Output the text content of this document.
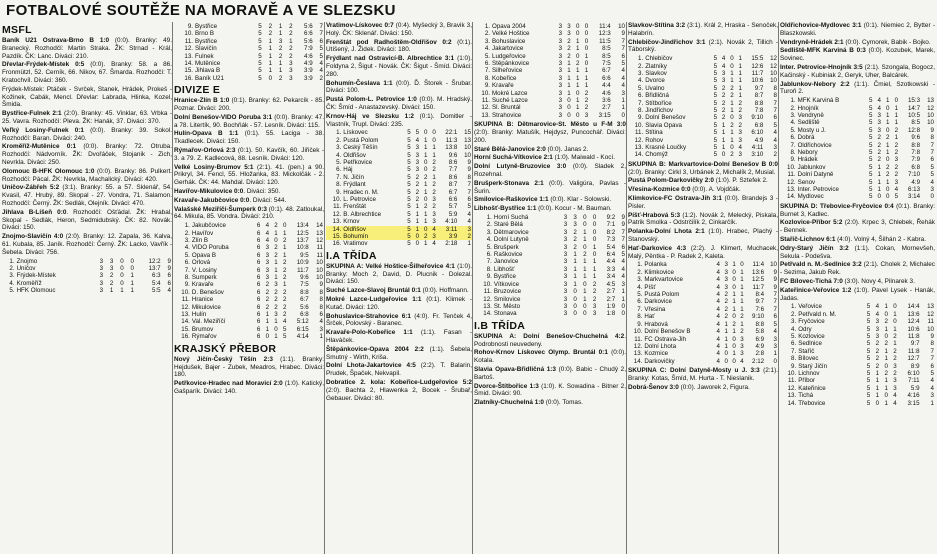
FOTBALOVÉ SOUTĚŽE NA MORAVĚ A VE SLEZSKU
MSFL
Baník U21 Ostrava-Brno B 1:0 (0:0). Branky: 49. Branecký. Rozhodčí: Martin Straka. ŽK: Strnad - Král, Pazdík. ČK: Lanc. Diváci: 210.
Dřevlar-Frýdek-Místek 0:5 (0:0). Branky: 58. a 86. Fronmützl, 52. Cerník, 66. Nikov, 67. Šmarda. Rozhodčí: T. Kratochvíl. Diváci: 360.
Frýdek-Místek: Ptáček - Svrček, Stanek, Hrádek, Prokeš - Kožinek, Cabák, Mencl. Dřevlar: Labrada, Hlinka, Kozel, Šmida.
Bystřice-Fulnek 2:1 (2:0). Branky: 45. Vinklar, 63. Vrbka - 25. Vavra. Rozhodčí: Pleva. ŽK: Hanák, 37. Diváci: 370.
Veľký Losiny-Fulnek 0:1 (0:0). Branky: 39. Sokol. Rozhodčí: Baran. Diváci: 240.
Kroměříž-Mutěnice 0:1 (0:0). Branky: 72. Otruba. Rozhodčí: Nádvorník. ŽK: Dvořáček, Stojanik - Zich, Nevrkla. Diváci: 250.
Olomouc B-HFK Olomouc 1:0 (0:0). Branky: 86. Pulkert. Rozhodčí: Pácal. ŽK: Nevrkla, Machalický. Diváci: 420.
Uničov-Zábřeh 5:2 (3:1). Branky: 55. a 57. Sklenář, 54. Kvasil, 47. Hrubý, 89. Skopal - 27. Vondra, 71. Salamon. Rozhodčí: Černý. ŽK: Sedlák, Olejník. Diváci: 470.
Jihlava B-Líšeň 0:0. Rozhodčí: Ošťádal. ŽK: Hrabal, Skopal - Sedlák, Heron, Sedmidubský. ČK: 82. Novák. Diváci: 150.
Znojmo-Slavičín 4:0 (2:0). Branky: 12. Zapala, 36. Kalva, 61. Kubala, 85. Janík. Rozhodčí: Černý. ŽK: Lacko, Vavřík - Šebela. Diváci: 756.
1.	Znojmo	3	3	0	0	12:2	9
2.	Uničov	3	3	0	0	13:7	9
3.	Frýdek-Místek	3	2	0	1	6:3	6
4.	Kroměříž	3	2	0	1	5:4	6
5.	HFK Olomouc	3	1	1	1	5:5	4
9.	Bystřice	5	2	1	2	5:6	7
10.	Brno B	5	2	1	2	6:6	7
11.	Bystřice	5	1	3	1	5:6	6
12.	Slavičín	5	1	2	2	7:9	5
13.	Fulnek	5	1	2	2	4:6	5
14.	Mutěnice	5	1	1	3	4:9	4
15.	Jihlava B	5	1	1	3	3:9	4
16.	Baník U21	5	0	2	3	3:9	2
DIVIZE E
Hranice-Zlín B 1:0 (0:1). Branky: 62. Pekarcík - 85. Poznar. Diváci: 200.
Dolní Benešov-VIDO Poruba 3:1 (0:0). Branky: 47. a 78. Litertík, 90. Bochňák - 57. Lesník. Diváci: 115.
Hulín-Opava B 1:1 (0:1). 55. Laciga - 38. Tkadlecek. Diváci: 150.
Rýmařov-Orlová 2:3 (0:1). 50. Kavčík, 60. Jiřiček - 3. a 79. Z. Kadlecová, 88. Lesník. Diváci: 120.
Velké Losiny-Brumov 5:1 (2:1). 41. (pen.) a 90. Prikryl, 34. Fencl, 55. Hložanka, 83. Mickolčák - 2. Gerhák. ČK: 44. Mahdal. Diváci: 120.
Havířov-Mikulovice 0:0. Diváci: 350.
Kravaře-Jakubčovice 0:0. Diváci: 544.
Valašské Meziříčí-Šumperk 0:3 (0:1). 48. Zatloukal, 64. Mikula, 85. Vondra. Diváci: 210.
1.	Jakubčovice	6	4	2	0	13:4	14
2.	Havířov	6	4	1	1	12:5	13
3.	Zlín B	6	4	0	2	13:7	12
4.	VIDO Poruba	6	3	2	1	10:8	11
5.	Opava B	6	3	2	1	9:5	11
6.	Orlová	6	3	1	2	10:9	10
7.	V. Losiny	6	3	1	2	11:7	10
8.	Šumperk	6	3	1	2	9:6	10
9.	Kravaře	6	2	3	1	7:5	9
10.	D. Benešov	6	2	2	2	8:8	8
11.	Hranice	6	2	2	2	6:7	8
12.	Mikulovice	6	2	2	2	5:6	8
13.	Hulín	6	1	3	2	6:8	6
14.	Val. Meziříčí	6	1	1	4	5:12	4
15.	Brumov	6	1	0	5	6:15	3
16.	Rýmařov	6	0	1	5	4:14	1
KRAJSKÝ PŘEBOR
Nový Jičín-Český Těšín 2:3 (1:1). Branky: Hejdušek, Bajer - Zubek, Meadros, Hrabec. Diváci: 180.
Petřkovice-Hradec nad Moravicí 2:0 (1:0). Katický, Gašparík. Diváci: 140.
Vratimov-Lískovec 0:7 (0:4). Myšecký 3, Bravik 3, Holý. ČK: Sklenář. Diváci: 150.
Frenštát pod Radhoštěm-Oldřišov 0:2 (0:1). Utíšený, J. Židek. Diváci: 180.
Frýdlant nad Ostravicí-B. Albrechtice 3:1 (1:0). Foldyna 2, Šigut - Novák. ČK: Šigut - Šmíd. Diváci: 280.
Bohumín-Česlava 1:1 (0:0). Ď. Štorek - Šrubar. Diváci: 100.
Pustá Polom-L. Petrovice 1:0 (0:0). M. Hradský. ČK: Šmíd - Anastazevský. Diváci: 150.
Krnov-Háj ve Slezsku 1:2 (0:1). Domitler - Vlastník, Trupl. Diváci: 235.
1.	Lískovec	5	5	0	0	22:1	15
2.	Pustá Polom	5	4	1	0	11:3	13
3.	Český Těšín	5	3	1	1	13:8	10
4.	Oldřišov	5	3	1	1	9:6	10
5.	Petřkovice	5	3	0	2	8:6	9
6.	Háj	5	3	0	2	7:7	9
7.	N. Jičín	5	2	2	1	8:6	8
8.	Frýdlant	5	2	1	2	8:7	7
9.	Hradec n. M.	5	2	1	2	6:7	7
10.	L. Petrovice	5	2	0	3	6:6	6
11.	Frenštát	5	1	2	2	5:7	5
12.	B. Albrechtice	5	1	1	3	5:9	4
13.	Krnov	5	1	1	3	4:10	4
14.	Oldřišov	5	1	0	4	3:11	3
15.	Bohumín	5	0	2	3	3:9	2
16.	Vratimov	5	0	1	4	2:18	1
I.A TŘÍDA
SKUPINA A: Velké Hoštice-Šilheřovice 4:1 (1:0). Branky: Moch 2, David, D. Plucnik - Dolezal. Diváci: 150.
Suché Lazce-Slavoj Bruntál 0:1 (0:0). Hoffmann.
Mokré Lazce-Ludgeřovice 1:1 (0:1). Klimek - Kutač. Diváci: 120.
Bohuslavice-Strahovice 6:1 (4:0). Fr. Tenček 4, Šrček, Polovský - Baranec.
Kravaře-Polo-Kobeřice 1:1 (1:1). Fasan - Hlaváček.
Štěpánkovice-Opava 2004 2:2 (1:1). Šebela, Smutný - Wirth, Kriša.
Dolní Lhota-Jakartovice 4:5 (2:2). T. Balarin, Prudek, Špaček, Nekvapil.
Dobratice 2. kola: Kobeřice-Ludgeřovice 5:2 (2:0). Bachta 2, Hlawenka 2, Bocek - Šrubař, Gebauer. Diváci: 80.
1.	Opava 2004	3	3	0	0	11:4	10
2.	Velké Hoštice	3	3	0	0	12:3	9
3.	Bohuslavice	3	2	1	0	11:5	7
4.	Jakartovice	3	2	1	0	8:5	7
5.	Ludgeřovice	3	2	0	1	8:5	6
6.	Štěpánkovice	3	1	2	0	7:5	5
7.	Šilheřovice	3	1	1	1	6:7	4
8.	Kobeřice	3	1	1	1	6:6	4
9.	Kravaře	3	1	1	1	4:4	4
10.	Mokré Lazce	3	1	0	2	4:6	3
11.	Suché Lazce	3	0	1	2	3:6	1
12.	Sl. Bruntál	3	0	1	2	2:7	1
13.	Strahovice	3	0	0	3	3:15	0
SKUPINA B: Dětmarovice-St. Město u F-M 3:0 (2:0). Branky: Matušík, Hejdysz, Puncochář. Diváci: 200.
Staré Bělá-Janovice 2:0 (0:0). Janas 2.
Horní Suchá-Vítkovice 2:1 (1:0). Maiwald - Kocí.
Dolní Lutyně-Bruzovice 3:0 (0:0). Sladek 2, Rozehnal.
Brušperk-Stonava 2:1 (0:0). Valigúra, Pavlas - Šurin.
Smilovice-Raškovice 1:1 (0:0). Klar - Solowski.
Libhošť-Bystřice 1:1 (0:0). Kocur - M. Bauman.
1.	Horní Suchá	3	3	0	0	9:2	9
2.	Staré Bělá	3	3	0	0	7:1	9
3.	Dětmarovice	3	2	1	0	8:2	7
4.	Dolní Lutyně	3	2	1	0	7:3	7
5.	Brušperk	3	2	0	1	5:4	6
6.	Raškovice	3	1	2	0	6:4	5
7.	Janovice	3	1	1	1	4:4	4
8.	Libhošť	3	1	1	1	3:3	4
9.	Bystřice	3	1	1	1	3:4	4
10.	Vítkovice	3	1	0	2	4:5	3
11.	Bruzovice	3	0	1	2	2:7	1
12.	Smilovice	3	0	1	2	2:7	1
13.	St. Město	3	0	0	3	1:9	0
14.	Stonava	3	0	0	3	1:8	0
I.B TŘÍDA
SKUPINA A: Dolní Benešov-Chuchelná 4:2. Podrobnosti neuvedeny.
Rohov-Krnov Lískovec Olymp. Bruntál 0:1 (0:0). Kotala.
Slavia Opava-Břidličná 1:3 (0:0). Babic - Chudý 2, Bartoš.
Dvorce-Štítboříce 1:3 (1:0). K. Sowadina - Bitner 2, Šmid. Diváci: 90.
Zlatníky-Chuchelná 1:0 (0:0). Tomas.
Slavkov-Štítina 3:2 (3:1). Král 2, Hraska - Šenoček, Halabrín.
Chlebičov-Jindřichov 3:1 (2:1). Novák 2, Tillich - Táborský.
1.	Chlebičov	5	4	0	1	15:5	12
2.	Zlatníky	5	4	0	1	12:6	12
3.	Slavkov	5	3	1	1	11:7	10
4.	Dvorce	5	3	1	1	10:6	10
5.	Uvalno	5	2	2	1	9:7	8
6.	Břidličná	5	2	2	1	8:7	8
7.	Štítboříce	5	2	1	2	8:8	7
8.	Jindřichov	5	2	1	2	7:8	7
9.	Dolní Benešov	5	2	0	3	9:10	6
10.	Slavia Opava	5	1	2	2	6:8	5
11.	Štítina	5	1	1	3	6:10	4
12.	Rohov	5	1	1	3	4:9	4
13.	Krasné Loučky	5	1	0	4	4:11	3
14.	Chomýž	5	0	2	3	3:10	2
SKUPINA B: Markvartovice-Dolní Benešov B 0:0 (2:0). Branky: Cirkl 3, Urbánek 2, Michalík 2, Musial.
Pustá Polom-Darkovičky 2:0 (1:0). P. Sztefek 2.
Vřesina-Kozmice 0:0 (0:0). A. Vojdčák.
Klimkovice-FC Ostrava-Jih 3:1 (0:0). Brandejs 3 - Pisler.
Píšť-Hrabová 5:3 (1:2). Novák 2, Melecký, Piskala, Patrik Smolka - Odstrčilík 2, Cinkarčík.
Polanka-Dolní Lhota 2:1 (1:0). Hrabec, Plachý - Stanovský.
Hať-Darkovice 4:3 (2:2). J. Klimert, Muchacek, Malý, Pěntka - P. Radek 2, Kaleta.
1.	Polanka	4	3	1	0	11:4	10
2.	Klimkovice	4	3	0	1	13:6	9
3.	Markvartovice	4	3	0	1	12:5	9
4.	Píšť	4	3	0	1	11:7	9
5.	Pustá Polom	4	2	1	1	8:4	7
6.	Darkovice	4	2	1	1	9:7	7
7.	Vřesina	4	2	1	1	7:6	7
8.	Hať	4	2	0	2	9:10	6
9.	Hrabová	4	1	2	1	8:8	5
10.	Dolní Benešov B	4	1	1	2	5:8	4
11.	FC Ostrava-Jih	4	1	0	3	6:9	3
12.	Dolní Lhota	4	1	0	3	4:9	3
13.	Kozmice	4	0	1	3	2:8	1
14.	Darkovičky	4	0	0	4	2:12	0
SKUPINA C: Dolní Datyně-Mosty u J. 3:3 (2:1). Branky: Kotas, Šmíd, M. Hurta - T. Nieslanik.
Dobrá-Šenov 3:0 (0:0). Jaworek 2, Figura.
Oldřichovice-Mydlovec 3:1 (0:1). Niemiec 2, Bytter - Blaszkowski.
Vendryně-Hrádek 2:1 (0:0). Cymorek, Babik - Bojko.
Sedliště-MFK Karviná B 0:3 (0:0). Kozubek, Marek, Sovinec.
Inter. Petrovice-Hnojník 3:5 (2:1). Szongala, Bogocz, Kačinský - Kubiniak 2, Geryk, Uher, Balcárek.
Jablunkov-Nebory 2:2 (1:1). Čmiel, Szotkowski - Turoň 2.
1.	MFK Karviná B	5	4	1	0	15:3	13
2.	Hnojník	5	4	0	1	14:7	12
3.	Vendryně	5	3	1	1	10:5	10
4.	Sedliště	5	3	1	1	8:5	10
5.	Mosty u J.	5	3	0	2	12:8	9
6.	Dobrá	5	2	2	1	9:6	8
7.	Oldřichovice	5	2	1	2	8:8	7
8.	Nebory	5	2	1	2	7:8	7
9.	Hrádek	5	2	0	3	7:9	6
10.	Jablunkov	5	1	2	2	6:8	5
11.	Dolní Datyně	5	1	2	2	7:10	5
12.	Šenov	5	1	1	3	4:9	4
13.	Inter. Petrovice	5	1	0	4	6:13	3
14.	Mydlovec	5	0	0	5	3:14	0
SKUPINA D: Třebovice-Fryčovice 0:4 (0:1). Branky: Burnet 3, Kadlec.
Kozlovice-Příbor 5:2 (2:0). Krpec 3, Chlebek, Řehák - Bennek.
Staříč-Lichnov 6:1 (4:0). Volný 4, Šilhán 2 - Kabra.
Odry-Starý Jičín 3:2 (1:1). Cokan, Mornevšeh, Sekula - Podešva.
Petřvald n. M.-Sedlnice 3:2 (2:1). Cholek 2, Michalec - Sezima, Jakub Rek.
FC Bílovec-Tichá 7:0 (3:0). Novy 4, Pilnarek 3.
Kateřinice-Veřovice 1:2 (1:0). Pavel Lysek - Hanák, Jadas.
1.	Veřovice	5	4	1	0	14:4	13
2.	Petřvald n. M.	5	4	0	1	13:6	12
3.	Fryčovice	5	3	2	0	12:4	11
4.	Odry	5	3	1	1	10:6	10
5.	Kozlovice	5	3	0	2	11:8	9
6.	Sedlnice	5	2	2	1	9:7	8
7.	Staříč	5	2	1	2	11:8	7
8.	Bílovec	5	2	1	2	12:7	7
9.	Starý Jičín	5	2	0	3	8:9	6
10.	Lichnov	5	1	2	2	6:10	5
11.	Příbor	5	1	1	3	7:11	4
12.	Kateřinice	5	1	1	3	5:9	4
13.	Tichá	5	1	0	4	4:16	3
14.	Třebovice	5	0	1	4	3:15	1
